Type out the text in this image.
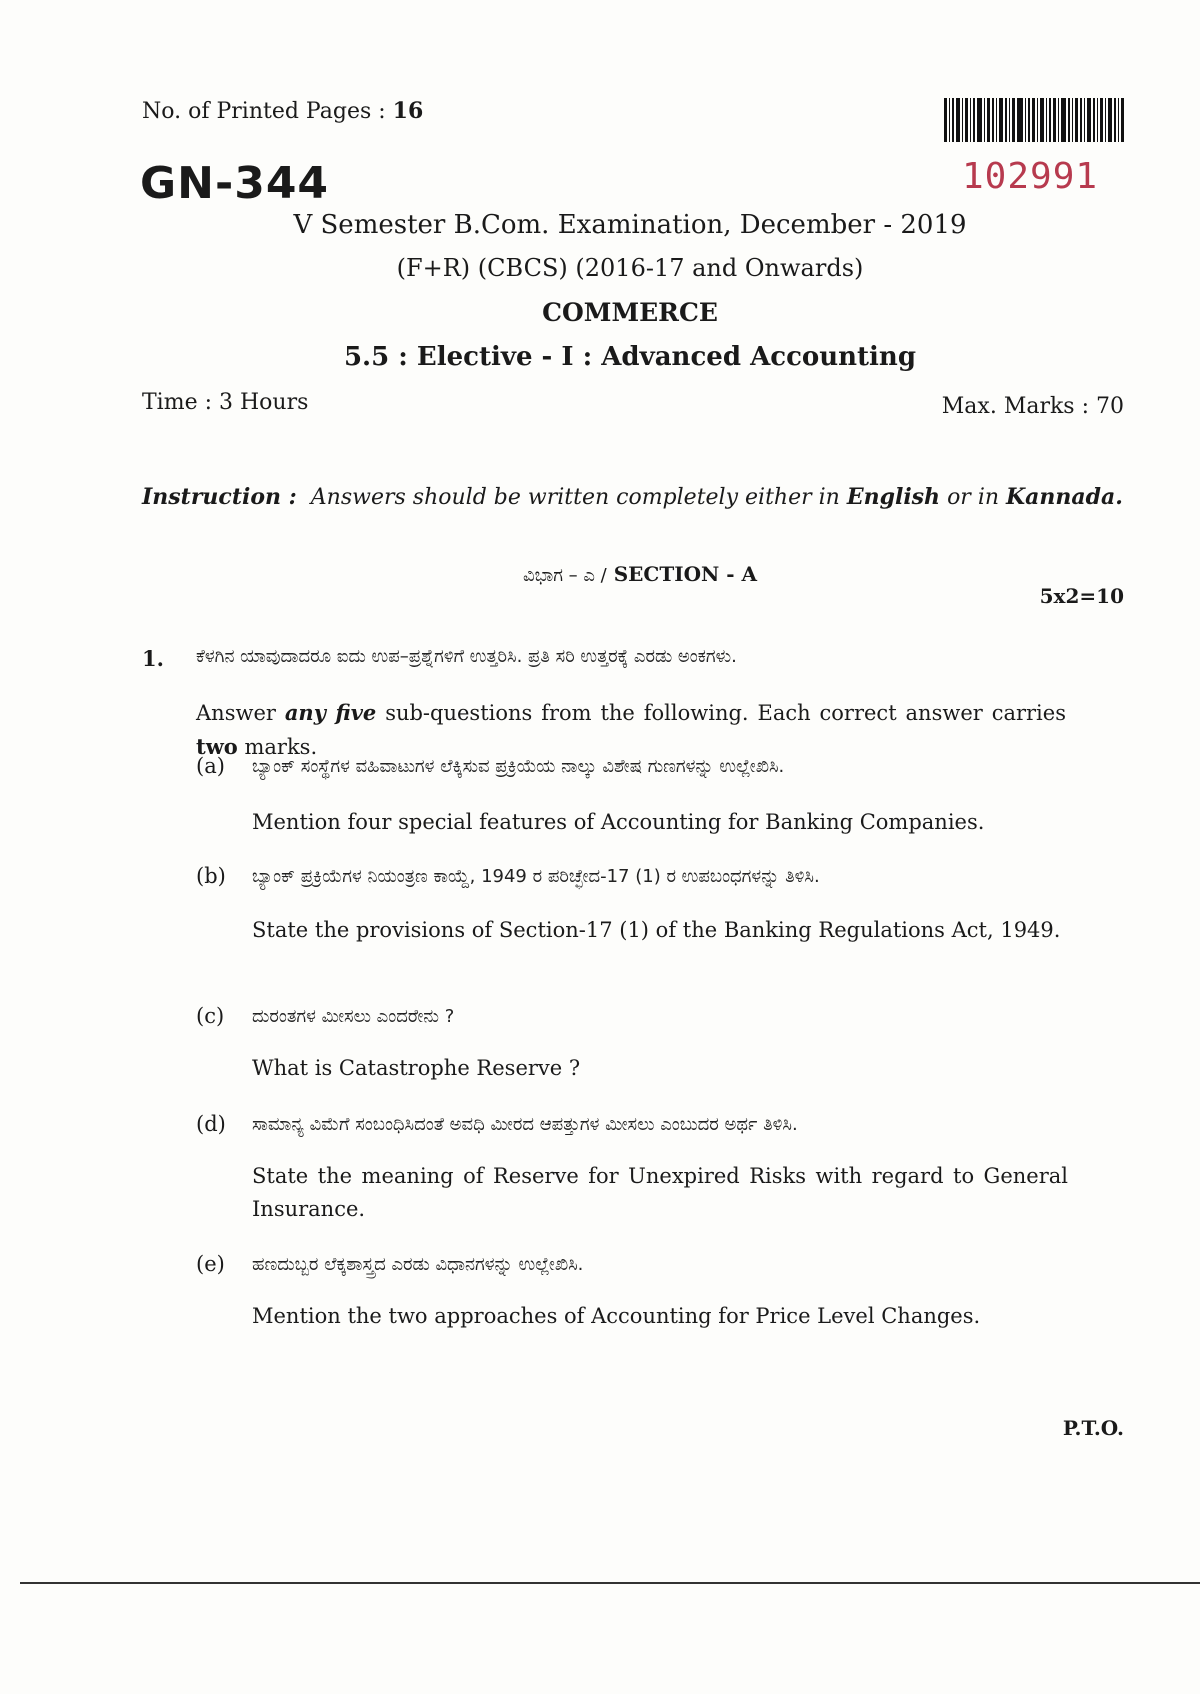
No. of Printed Pages : 16
GN-344	102991
V Semester B.Com. Examination, December - 2019
(F+R) (CBCS) (2016-17 and Onwards)
COMMERCE
5.5 : Elective - I : Advanced Accounting
Time : 3 Hours	Max. Marks : 70
Instruction : Answers should be written completely either in English or in Kannada.
ವಿಭಾಗ – ಎ / SECTION - A
5x2=10
1. ಕೆಳಗಿನ ಯಾವುದಾದರೂ ಐದು ಉಪ–ಪ್ರಶ್ನೆಗಳಿಗೆ ಉತ್ತರಿಸಿ. ಪ್ರತಿ ಸರಿ ಉತ್ತರಕ್ಕೆ ಎರಡು ಅಂಕಗಳು.
Answer any five sub-questions from the following. Each correct answer carries two marks.
(a) ಬ್ಯಾಂಕ್ ಸಂಸ್ಥೆಗಳ ವಹಿವಾಟುಗಳ ಲೆಕ್ಕಿಸುವ ಪ್ರಕ್ರಿಯೆಯ ನಾಲ್ಕು ವಿಶೇಷ ಗುಣಗಳನ್ನು ಉಲ್ಲೇಖಿಸಿ.
Mention four special features of Accounting for Banking Companies.
(b) ಬ್ಯಾಂಕ್ ಪ್ರಕ್ರಿಯೆಗಳ ನಿಯಂತ್ರಣ ಕಾಯ್ದೆ, 1949 ರ ಪರಿಚ್ಛೇದ-17 (1) ರ ಉಪಬಂಧಗಳನ್ನು ತಿಳಿಸಿ.
State the provisions of Section-17 (1) of the Banking Regulations Act, 1949.
(c) ದುರಂತಗಳ ಮೀಸಲು ಎಂದರೇನು ?
What is Catastrophe Reserve ?
(d) ಸಾಮಾನ್ಯ ವಿಮೆಗೆ ಸಂಬಂಧಿಸಿದಂತೆ ಅವಧಿ ಮೀರದ ಆಪತ್ತುಗಳ ಮೀಸಲು ಎಂಬುದರ ಅರ್ಥ ತಿಳಿಸಿ.
State the meaning of Reserve for Unexpired Risks with regard to General Insurance.
(e) ಹಣದುಬ್ಬರ ಲೆಕ್ಕಶಾಸ್ತ್ರದ ಎರಡು ವಿಧಾನಗಳನ್ನು ಉಲ್ಲೇಖಿಸಿ.
Mention the two approaches of Accounting for Price Level Changes.
P.T.O.
